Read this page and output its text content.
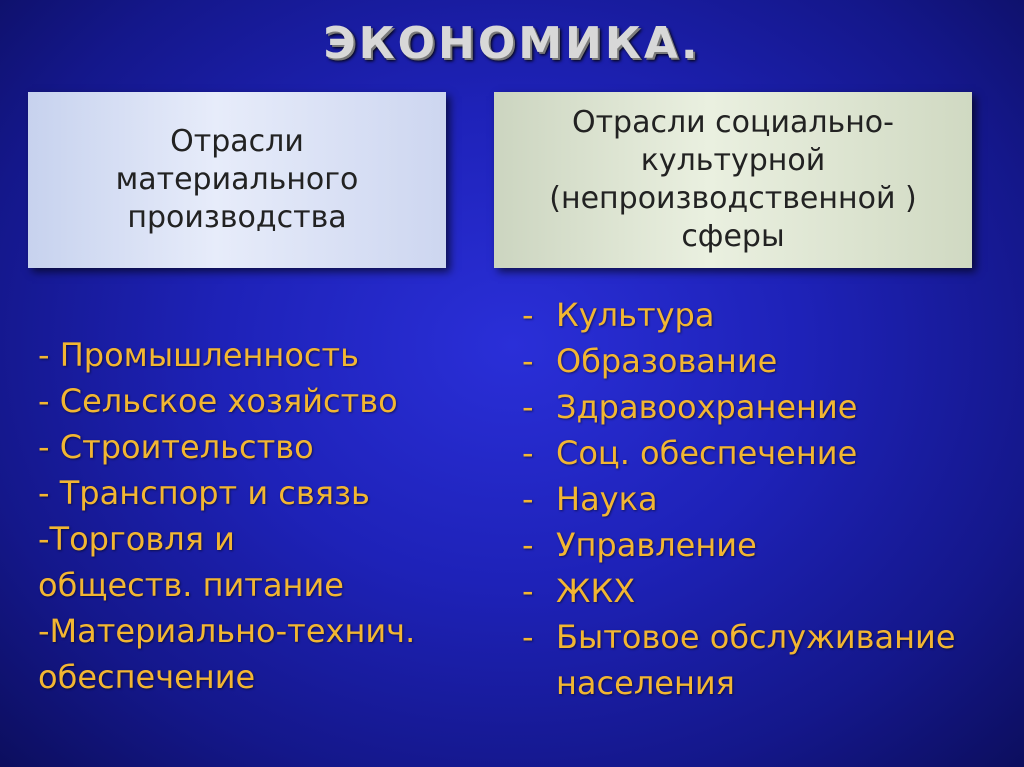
ЭКОНОМИКА.
Отрасли
материального
производства
Отрасли социально-
культурной
(непроизводственной )
сферы
- Промышленность
- Сельское хозяйство
- Строительство
- Транспорт и связь
-Торговля и
обществ. питание
-Материально-технич.
обеспечение
- Культура
- Образование
- Здравоохранение
- Соц. обеспечение
- Наука
- Управление
- ЖКХ
- Бытовое обслуживание
населения
